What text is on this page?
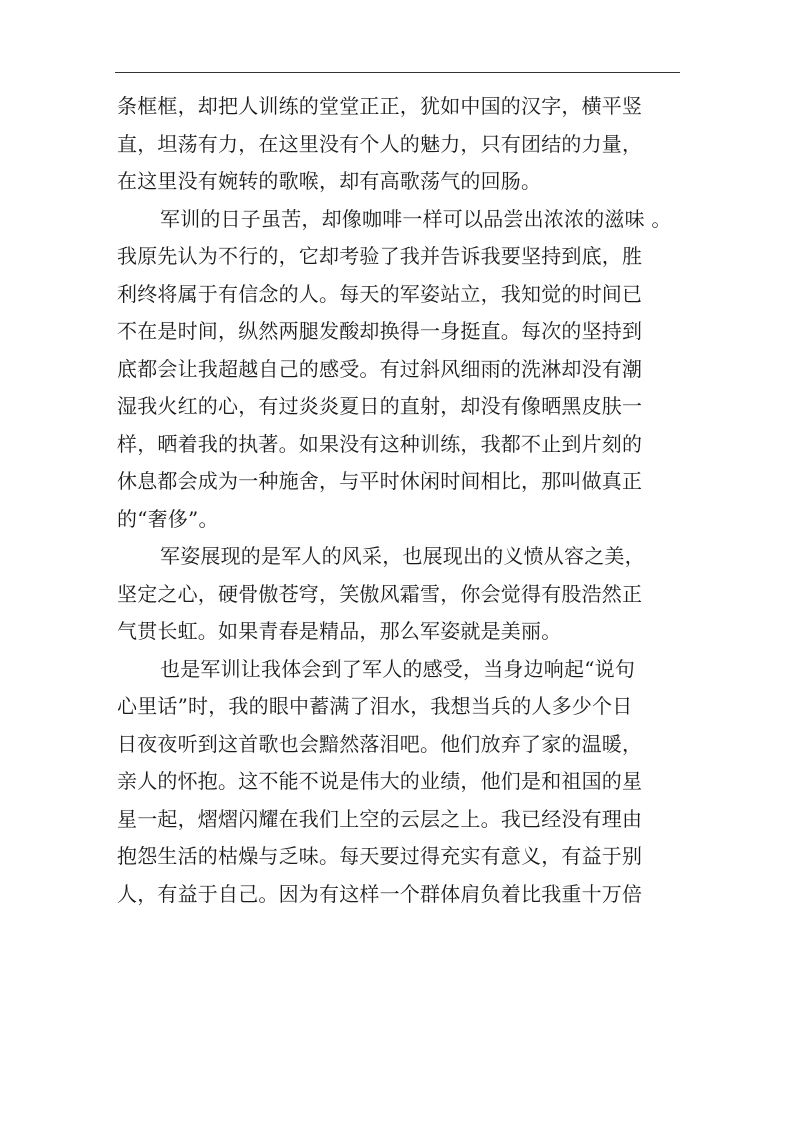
条框框，却把人训练的堂堂正正，犹如中国的汉字，横平竖
直，坦荡有力，在这里没有个人的魅力，只有团结的力量，
在这里没有婉转的歌喉，却有高歌荡气的回肠。
军训的日子虽苦，却像咖啡一样可以品尝出浓浓的滋味 。
我原先认为不行的，它却考验了我并告诉我要坚持到底，胜
利终将属于有信念的人。每天的军姿站立，我知觉的时间已
不在是时间，纵然两腿发酸却换得一身挺直。每次的坚持到
底都会让我超越自己的感受。有过斜风细雨的洗淋却没有潮
湿我火红的心，有过炎炎夏日的直射，却没有像晒黑皮肤一
样，晒着我的执著。如果没有这种训练，我都不止到片刻的
休息都会成为一种施舍，与平时休闲时间相比，那叫做真正
的“奢侈”。
军姿展现的是军人的风采，也展现出的义愤从容之美，
坚定之心，硬骨傲苍穹，笑傲风霜雪，你会觉得有股浩然正
气贯长虹。如果青春是精品，那么军姿就是美丽。
也是军训让我体会到了军人的感受，当身边响起“说句
心里话”时，我的眼中蓄满了泪水，我想当兵的人多少个日
日夜夜听到这首歌也会黯然落泪吧。他们放弃了家的温暖，
亲人的怀抱。这不能不说是伟大的业绩，他们是和祖国的星
星一起，熠熠闪耀在我们上空的云层之上。我已经没有理由
抱怨生活的枯燥与乏味。每天要过得充实有意义，有益于别
人，有益于自己。因为有这样一个群体肩负着比我重十万倍
